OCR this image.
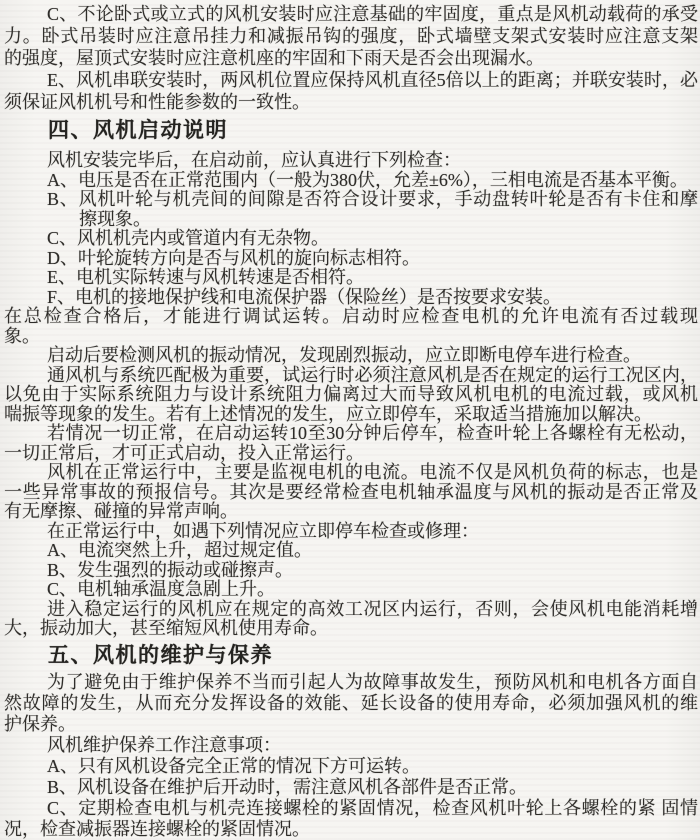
C、不论卧式或立式的风机安装时应注意基础的牢固度，重点是风机动载荷的承受

力。卧式吊装时应注意吊挂力和减振吊钩的强度，卧式墙壁支架式安装时应注意支架

的强度，屋顶式安装时应注意机座的牢固和下雨天是否会出现漏水。

E、风机串联安装时，两风机位置应保持风机直径5倍以上的距离；并联安装时，必

须保证风机机号和性能参数的一致性。

四、风机启动说明

风机安装完毕后，在启动前，应认真进行下列检查：

A、电压是否在正常范围内（一般为380伏，允差±6%），三相电流是否基本平衡。

B、风机叶轮与机壳间的间隙是否符合设计要求，手动盘转叶轮是否有卡住和摩

擦现象。

C、风机机壳内或管道内有无杂物。

D、叶轮旋转方向是否与风机的旋向标志相符。

E、电机实际转速与风机转速是否相符。

F、电机的接地保护线和电流保护器（保险丝）是否按要求安装。

在总检查合格后，才能进行调试运转。启动时应检查电机的允许电流有否过载现

象。

启动后要检测风机的振动情况，发现剧烈振动，应立即断电停车进行检查。

通风机与系统匹配极为重要，试运行时必须注意风机是否在规定的运行工况区内，

以免由于实际系统阻力与设计系统阻力偏离过大而导致风机电机的电流过载，或风机

喘振等现象的发生。若有上述情况的发生，应立即停车，采取适当措施加以解决。

若情况一切正常，在启动运转10至30分钟后停车，检查叶轮上各螺栓有无松动，

一切正常后，才可正式启动，投入正常运行。

风机在正常运行中，主要是监视电机的电流。电流不仅是风机负荷的标志，也是

一些异常事故的预报信号。其次是要经常检查电机轴承温度与风机的振动是否正常及

有无摩擦、碰撞的异常声响。

在正常运行中，如遇下列情况应立即停车检查或修理：

A、电流突然上升，超过规定值。

B、发生强烈的振动或碰擦声。

C、电机轴承温度急剧上升。

进入稳定运行的风机应在规定的高效工况区内运行，否则，会使风机电能消耗增

大，振动加大，甚至缩短风机使用寿命。

五、风机的维护与保养

为了避免由于维护保养不当而引起人为故障事故发生，预防风机和电机各方面自

然故障的发生，从而充分发挥设备的效能、延长设备的使用寿命，必须加强风机的维

护保养。

风机维护保养工作注意事项：

A、只有风机设备完全正常的情况下方可运转。

B、风机设备在维护后开动时，需注意风机各部件是否正常。

C、定期检查电机与机壳连接螺栓的紧固情况，检查风机叶轮上各螺栓的紧 固情

况，检查减振器连接螺栓的紧固情况。
